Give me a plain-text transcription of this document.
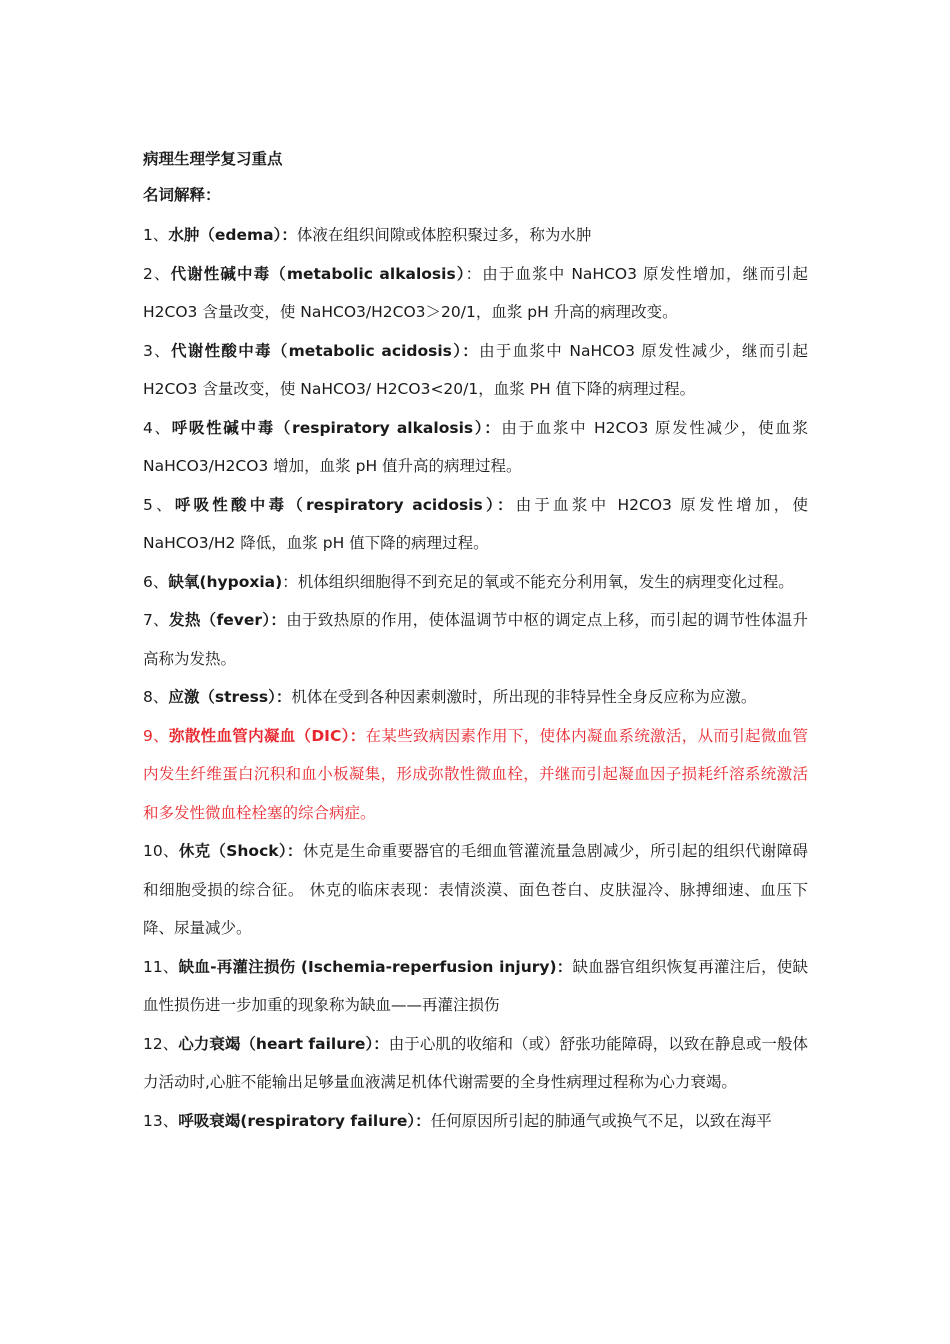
病理生理学复习重点
名词解释：

1、水肿（edema）：体液在组织间隙或体腔积聚过多，称为水肿

2、代谢性碱中毒（metabolic alkalosis）：由于血浆中 NaHCO3 原发性增加，继而引起 H2CO3 含量改变，使 NaHCO3/H2CO3＞20/1，血浆 pH 升高的病理改变。

3、代谢性酸中毒（metabolic acidosis）：由于血浆中 NaHCO3 原发性减少，继而引起 H2CO3 含量改变，使 NaHCO3/ H2CO3<20/1，血浆 PH 值下降的病理过程。

4、呼吸性碱中毒（respiratory alkalosis）：由于血浆中 H2CO3 原发性减少，使血浆 NaHCO3/H2CO3 增加，血浆 pH 值升高的病理过程。

5、呼吸性酸中毒（respiratory acidosis）：由于血浆中 H2CO3 原发性增加，使 NaHCO3/H2 降低，血浆 pH 值下降的病理过程。

6、缺氧(hypoxia)：机体组织细胞得不到充足的氧或不能充分利用氧，发生的病理变化过程。

7、发热（fever）：由于致热原的作用，使体温调节中枢的调定点上移，而引起的调节性体温升高称为发热。

8、应激（stress）：机体在受到各种因素刺激时，所出现的非特异性全身反应称为应激。

9、弥散性血管内凝血（DIC）：在某些致病因素作用下，使体内凝血系统激活，从而引起微血管内发生纤维蛋白沉积和血小板凝集，形成弥散性微血栓，并继而引起凝血因子损耗纤溶系统激活和多发性微血栓栓塞的综合病症。

10、休克（Shock）：休克是生命重要器官的毛细血管灌流量急剧减少，所引起的组织代谢障碍和细胞受损的综合征。 休克的临床表现：表情淡漠、面色苍白、皮肤湿冷、脉搏细速、血压下降、尿量减少。

11、缺血-再灌注损伤 (Ischemia-reperfusion injury)：缺血器官组织恢复再灌注后，使缺血性损伤进一步加重的现象称为缺血——再灌注损伤

12、心力衰竭（heart failure）：由于心肌的收缩和（或）舒张功能障碍，以致在静息或一般体力活动时,心脏不能输出足够量血液满足机体代谢需要的全身性病理过程称为心力衰竭。

13、呼吸衰竭(respiratory failure）：任何原因所引起的肺通气或换气不足，以致在海平
